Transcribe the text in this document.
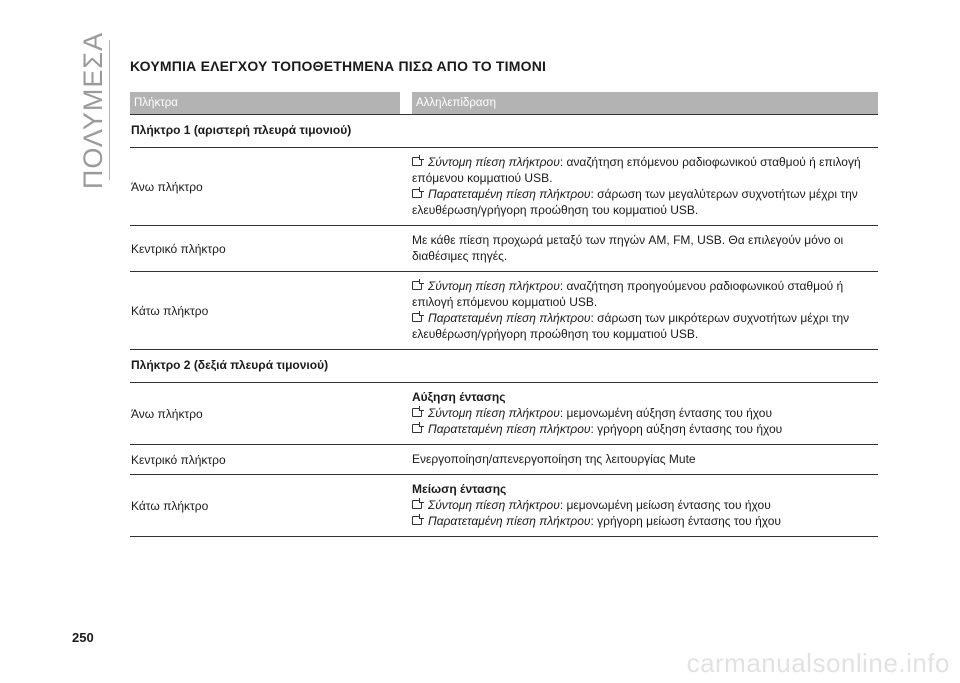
ΠΟΛΥΜΕΣΑ ΚΟΥΜΠΙΑ ΕΛΕΓΧΟΥ ΤΟΠΟΘΕΤΗΜΕΝΑ ΠΙΣΩ ΑΠΟ ΤΟ ΤΙΜΟΝΙ
Πλήκτρα	Αλληλεπίδραση
Πλήκτρο 1 (αριστερή πλευρά τιμονιού)
Άνω πλήκτρο
Σύντομη πίεση πλήκτρου: αναζήτηση επόμενου ραδιοφωνικού σταθμού ή επιλογή
επόμενου κομματιού USB.
Παρατεταμένη πίεση πλήκτρου: σάρωση των μεγαλύτερων συχνοτήτων μέχρι την
ελευθέρωση/γρήγορη προώθηση του κομματιού USB.
Κεντρικό πλήκτρο
Με κάθε πίεση προχωρά μεταξύ των πηγών AM, FM, USB. Θα επιλεγούν μόνο οι
διαθέσιμες πηγές.
Κάτω πλήκτρο
Σύντομη πίεση πλήκτρου: αναζήτηση προηγούμενου ραδιοφωνικού σταθμού ή
επιλογή επόμενου κομματιού USB.
Παρατεταμένη πίεση πλήκτρου: σάρωση των μικρότερων συχνοτήτων μέχρι την
ελευθέρωση/γρήγορη προώθηση του κομματιού USB.
Πλήκτρο 2 (δεξιά πλευρά τιμονιού)
Άνω πλήκτρο
Αύξηση έντασης
Σύντομη πίεση πλήκτρου: μεμονωμένη αύξηση έντασης του ήχου
Παρατεταμένη πίεση πλήκτρου: γρήγορη αύξηση έντασης του ήχου
Κεντρικό πλήκτρο	Ενεργοποίηση/απενεργοποίηση της λειτουργίας Mute
Κάτω πλήκτρο
Μείωση έντασης
Σύντομη πίεση πλήκτρου: μεμονωμένη μείωση έντασης του ήχου
Παρατεταμένη πίεση πλήκτρου: γρήγορη μείωση έντασης του ήχου

250

carmanualsonline.info
